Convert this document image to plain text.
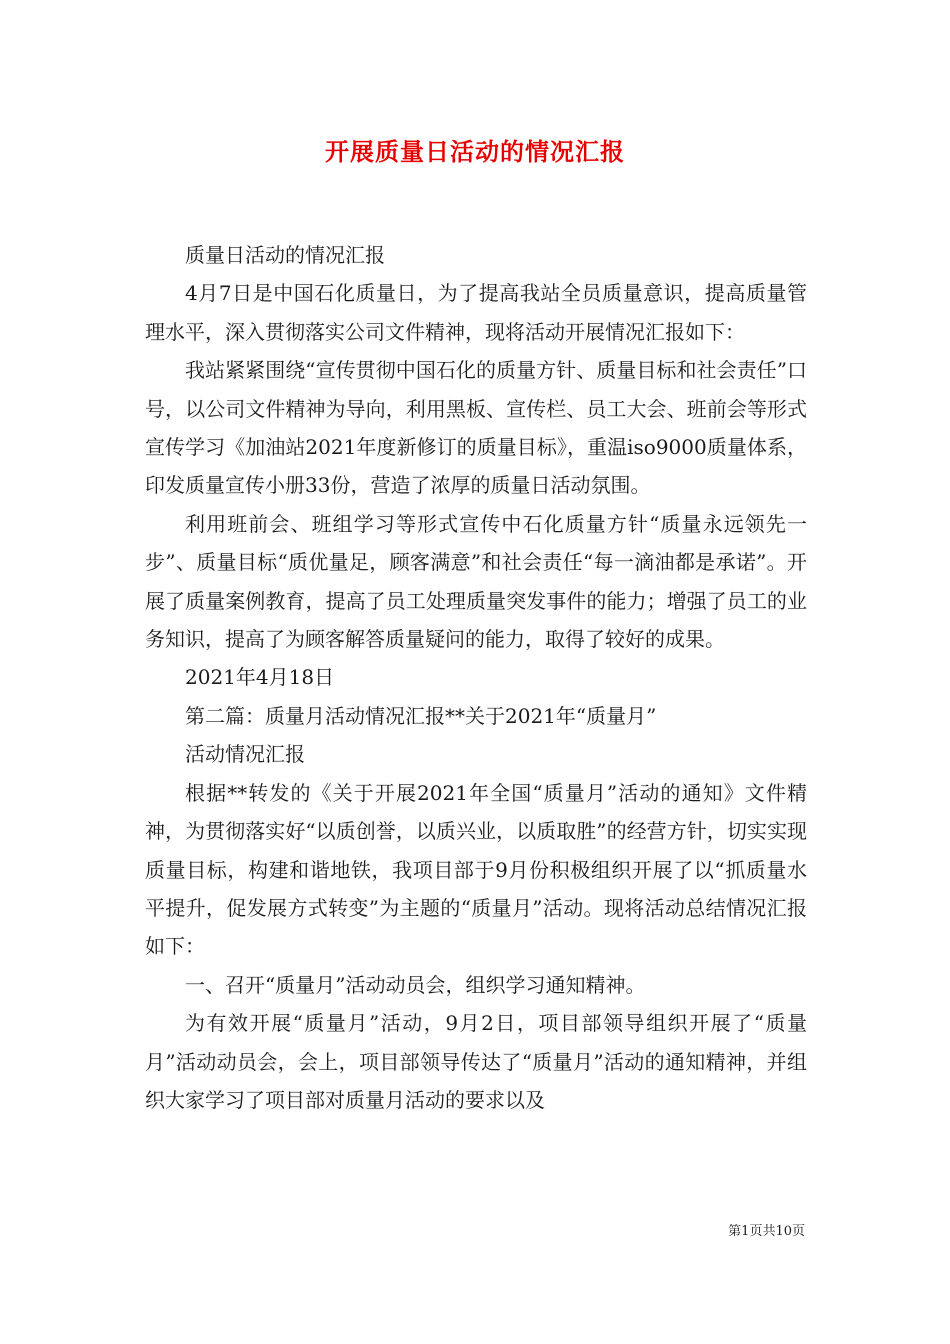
开展质量日活动的情况汇报

质量日活动的情况汇报

4月7日是中国石化质量日，为了提高我站全员质量意识，提高质量管理水平，深入贯彻落实公司文件精神，现将活动开展情况汇报如下：

我站紧紧围绕“宣传贯彻中国石化的质量方针、质量目标和社会责任”口号，以公司文件精神为导向，利用黑板、宣传栏、员工大会、班前会等形式宣传学习《加油站2021年度新修订的质量目标》，重温iso9000质量体系，印发质量宣传小册33份，营造了浓厚的质量日活动氛围。

利用班前会、班组学习等形式宣传中石化质量方针“质量永远领先一步”、质量目标“质优量足，顾客满意”和社会责任“每一滴油都是承诺”。开展了质量案例教育，提高了员工处理质量突发事件的能力；增强了员工的业务知识，提高了为顾客解答质量疑问的能力，取得了较好的成果。

2021年4月18日

第二篇：质量月活动情况汇报**关于2021年“质量月”

活动情况汇报

根据**转发的《关于开展2021年全国“质量月”活动的通知》文件精神，为贯彻落实好“以质创誉，以质兴业，以质取胜”的经营方针，切实实现质量目标，构建和谐地铁，我项目部于9月份积极组织开展了以“抓质量水平提升，促发展方式转变”为主题的“质量月”活动。现将活动总结情况汇报如下：

一、召开“质量月”活动动员会，组织学习通知精神。

为有效开展“质量月”活动，9月2日，项目部领导组织开展了“质量月”活动动员会，会上，项目部领导传达了“质量月”活动的通知精神，并组织大家学习了项目部对质量月活动的要求以及

第1页共10页
